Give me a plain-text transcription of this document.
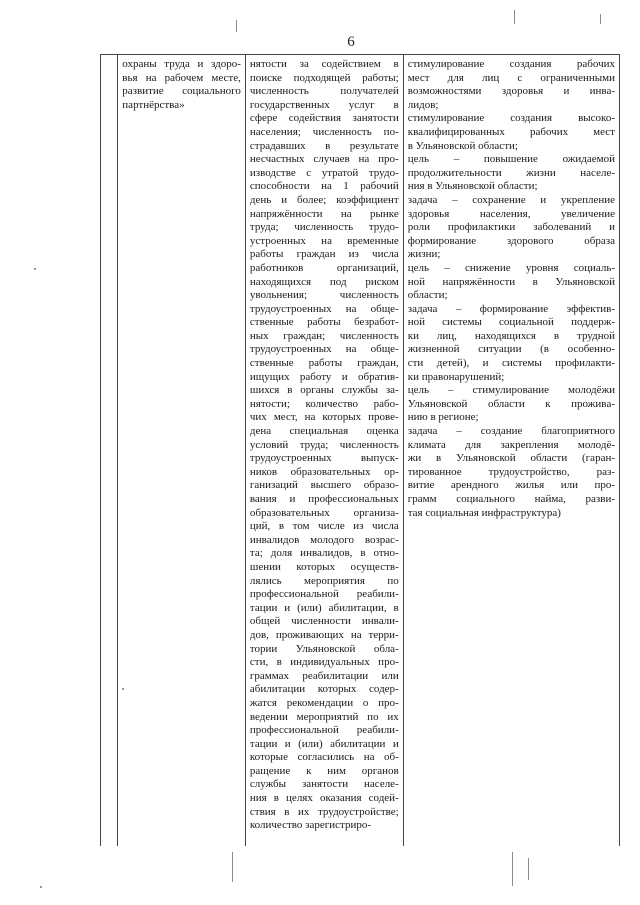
6

охраны труда и здоро-
вья на рабочем месте,
развитие социального
партнёрства»

нятости за содействием в
поиске подходящей работы;
численность получателей
государственных услуг в
сфере содействия занятости
населения; численность по-
страдавших в результате
несчастных случаев на про-
изводстве с утратой трудо-
способности на 1 рабочий
день и более; коэффициент
напряжённости на рынке
труда; численность трудо-
устроенных на временные
работы граждан из числа
работников организаций,
находящихся под риском
увольнения; численность
трудоустроенных на обще-
ственные работы безработ-
ных граждан; численность
трудоустроенных на обще-
ственные работы граждан,
ищущих работу и обратив-
шихся в органы службы за-
нятости; количество рабо-
чих мест, на которых прове-
дена специальная оценка
условий труда; численность
трудоустроенных выпуск-
ников образовательных ор-
ганизаций высшего образо-
вания и профессиональных
образовательных организа-
ций, в том числе из числа
инвалидов молодого возрас-
та; доля инвалидов, в отно-
шении которых осуществ-
лялись мероприятия по
профессиональной реабили-
тации и (или) абилитации, в
общей численности инвали-
дов, проживающих на терри-
тории Ульяновской обла-
сти, в индивидуальных про-
граммах реабилитации или
абилитации которых содер-
жатся рекомендации о про-
ведении мероприятий по их
профессиональной реабили-
тации и (или) абилитации и
которые согласились на об-
ращение к ним органов
службы занятости населе-
ния в целях оказания содей-
ствия в их трудоустройстве;
количество зарегистриро-

стимулирование создания рабочих
мест для лиц с ограниченными
возможностями здоровья и инва-
лидов;
стимулирование создания высоко-
квалифицированных рабочих мест
в Ульяновской области;
цель – повышение ожидаемой
продолжительности жизни населе-
ния в Ульяновской области;
задача – сохранение и укрепление
здоровья населения, увеличение
роли профилактики заболеваний и
формирование здорового образа
жизни;
цель – снижение уровня социаль-
ной напряжённости в Ульяновской
области;
задача – формирование эффектив-
ной системы социальной поддерж-
ки лиц, находящихся в трудной
жизненной ситуации (в особенно-
сти детей), и системы профилакти-
ки правонарушений;
цель – стимулирование молодёжи
Ульяновской области к проживa-
нию в регионе;
задача – создание благоприятного
климата для закрепления молодё-
жи в Ульяновской области (гаран-
тированное трудоустройство, раз-
витие арендного жилья или про-
грамм социального найма, разви-
тая социальная инфраструктура)
